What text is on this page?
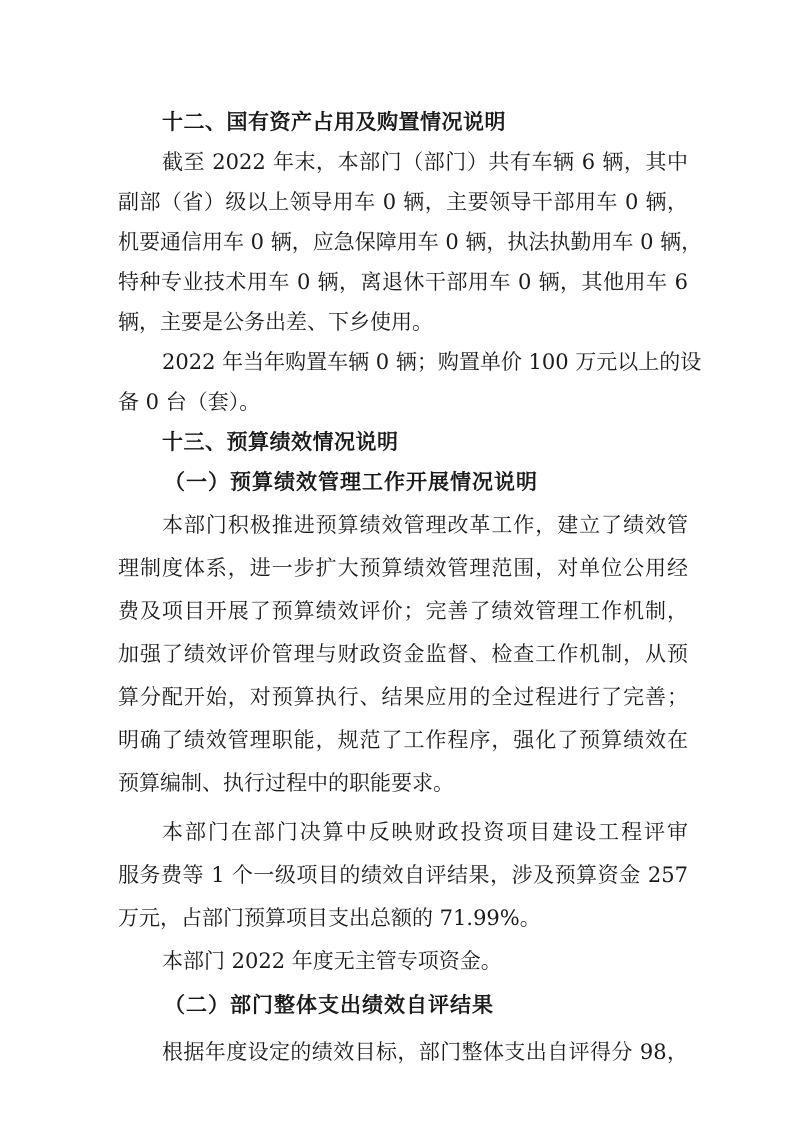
十二、国有资产占用及购置情况说明
截至 2022 年末，本部门（部门）共有车辆 6 辆，其中
副部（省）级以上领导用车 0 辆，主要领导干部用车 0 辆，
机要通信用车 0 辆，应急保障用车 0 辆，执法执勤用车 0 辆，
特种专业技术用车 0 辆，离退休干部用车 0 辆，其他用车 6
辆，主要是公务出差、下乡使用。
2022 年当年购置车辆 0 辆；购置单价 100 万元以上的设
备 0 台（套）。
十三、预算绩效情况说明
（一）预算绩效管理工作开展情况说明
本部门积极推进预算绩效管理改革工作，建立了绩效管
理制度体系，进一步扩大预算绩效管理范围，对单位公用经
费及项目开展了预算绩效评价；完善了绩效管理工作机制，
加强了绩效评价管理与财政资金监督、检查工作机制，从预
算分配开始，对预算执行、结果应用的全过程进行了完善；
明确了绩效管理职能，规范了工作程序，强化了预算绩效在
预算编制、执行过程中的职能要求。
本部门在部门决算中反映财政投资项目建设工程评审
服务费等 1 个一级项目的绩效自评结果，涉及预算资金 257
万元，占部门预算项目支出总额的 71.99%。
本部门 2022 年度无主管专项资金。
（二）部门整体支出绩效自评结果
根据年度设定的绩效目标，部门整体支出自评得分 98，
